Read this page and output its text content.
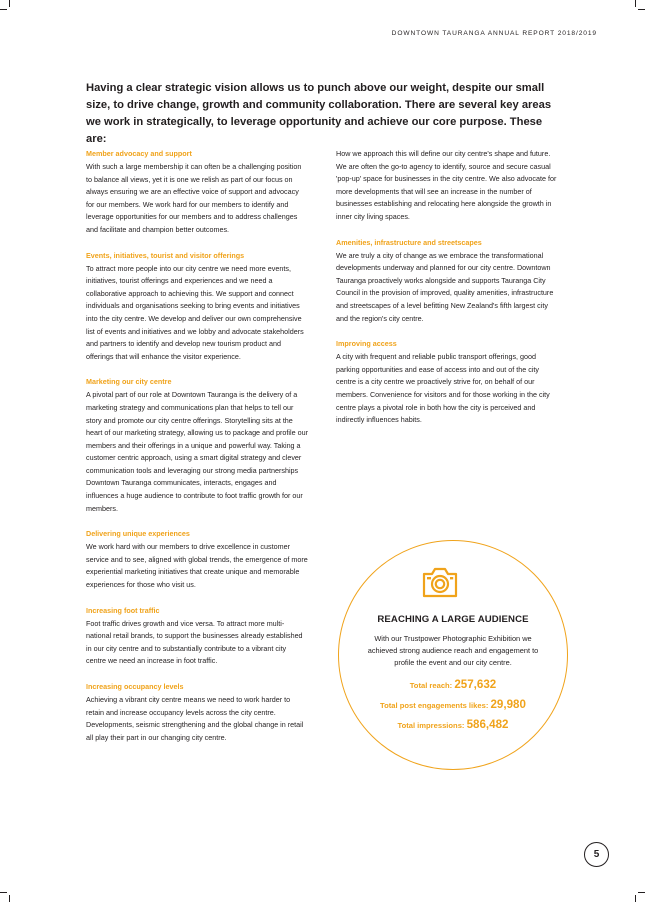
DOWNTOWN TAURANGA ANNUAL REPORT 2018/2019

Having a clear strategic vision allows us to punch above our weight, despite our small size, to drive change, growth and community collaboration. There are several key areas we work in strategically, to leverage opportunity and achieve our core purpose. These are:

Member advocacy and support

With such a large membership it can often be a challenging position to balance all views, yet it is one we relish as part of our focus on always ensuring we are an effective voice of support and advocacy for our members. We work hard for our members to identify and leverage opportunities for our members and to address challenges and facilitate and champion better outcomes.

Events, initiatives, tourist and visitor offerings

To attract more people into our city centre we need more events, initiatives, tourist offerings and experiences and we need a collaborative approach to achieving this. We support and connect individuals and organisations seeking to bring events and initiatives into the city centre. We develop and deliver our own comprehensive list of events and initiatives and we lobby and advocate stakeholders and partners to identify and develop new tourism product and offerings that will enhance the visitor experience.

Marketing our city centre

A pivotal part of our role at Downtown Tauranga is the delivery of a marketing strategy and communications plan that helps to tell our story and promote our city centre offerings. Storytelling sits at the heart of our marketing strategy, allowing us to package and profile our members and their offerings in a unique and powerful way. Taking a customer centric approach, using a smart digital strategy and clever communication tools and leveraging our strong media partnerships Downtown Tauranga communicates, interacts, engages and influences a huge audience to contribute to foot traffic growth for our members.

Delivering unique experiences

We work hard with our members to drive excellence in customer service and to see, aligned with global trends, the emergence of more experiential marketing initiatives that create unique and memorable experiences for those who visit us.

Increasing foot traffic

Foot traffic drives growth and vice versa. To attract more multi-national retail brands, to support the businesses already established in our city centre and to substantially contribute to a vibrant city centre we need an increase in foot traffic.

Increasing occupancy levels

Achieving a vibrant city centre means we need to work harder to retain and increase occupancy levels across the city centre. Developments, seismic strengthening and the global change in retail all play their part in our changing city centre.

How we approach this will define our city centre's shape and future. We are often the go-to agency to identify, source and secure casual 'pop-up' space for businesses in the city centre. We also advocate for more developments that will see an increase in the number of businesses establishing and relocating here alongside the growth in inner city living spaces.

Amenities, infrastructure and streetscapes

We are truly a city of change as we embrace the transformational developments underway and planned for our city centre. Downtown Tauranga proactively works alongside and supports Tauranga City Council in the provision of improved, quality amenities, infrastructure and streetscapes of a level befitting New Zealand's fifth largest city and the region's city centre.

Improving access

A city with frequent and reliable public transport offerings, good parking opportunities and ease of access into and out of the city centre is a city centre we proactively strive for, on behalf of our members. Convenience for visitors and for those working in the city centre plays a pivotal role in both how the city is perceived and indirectly influences habits.

REACHING A LARGE AUDIENCE

With our Trustpower Photographic Exhibition we achieved strong audience reach and engagement to profile the event and our city centre.

Total reach: 257,632
Total post engagements likes: 29,980
Total impressions: 586,482
5
